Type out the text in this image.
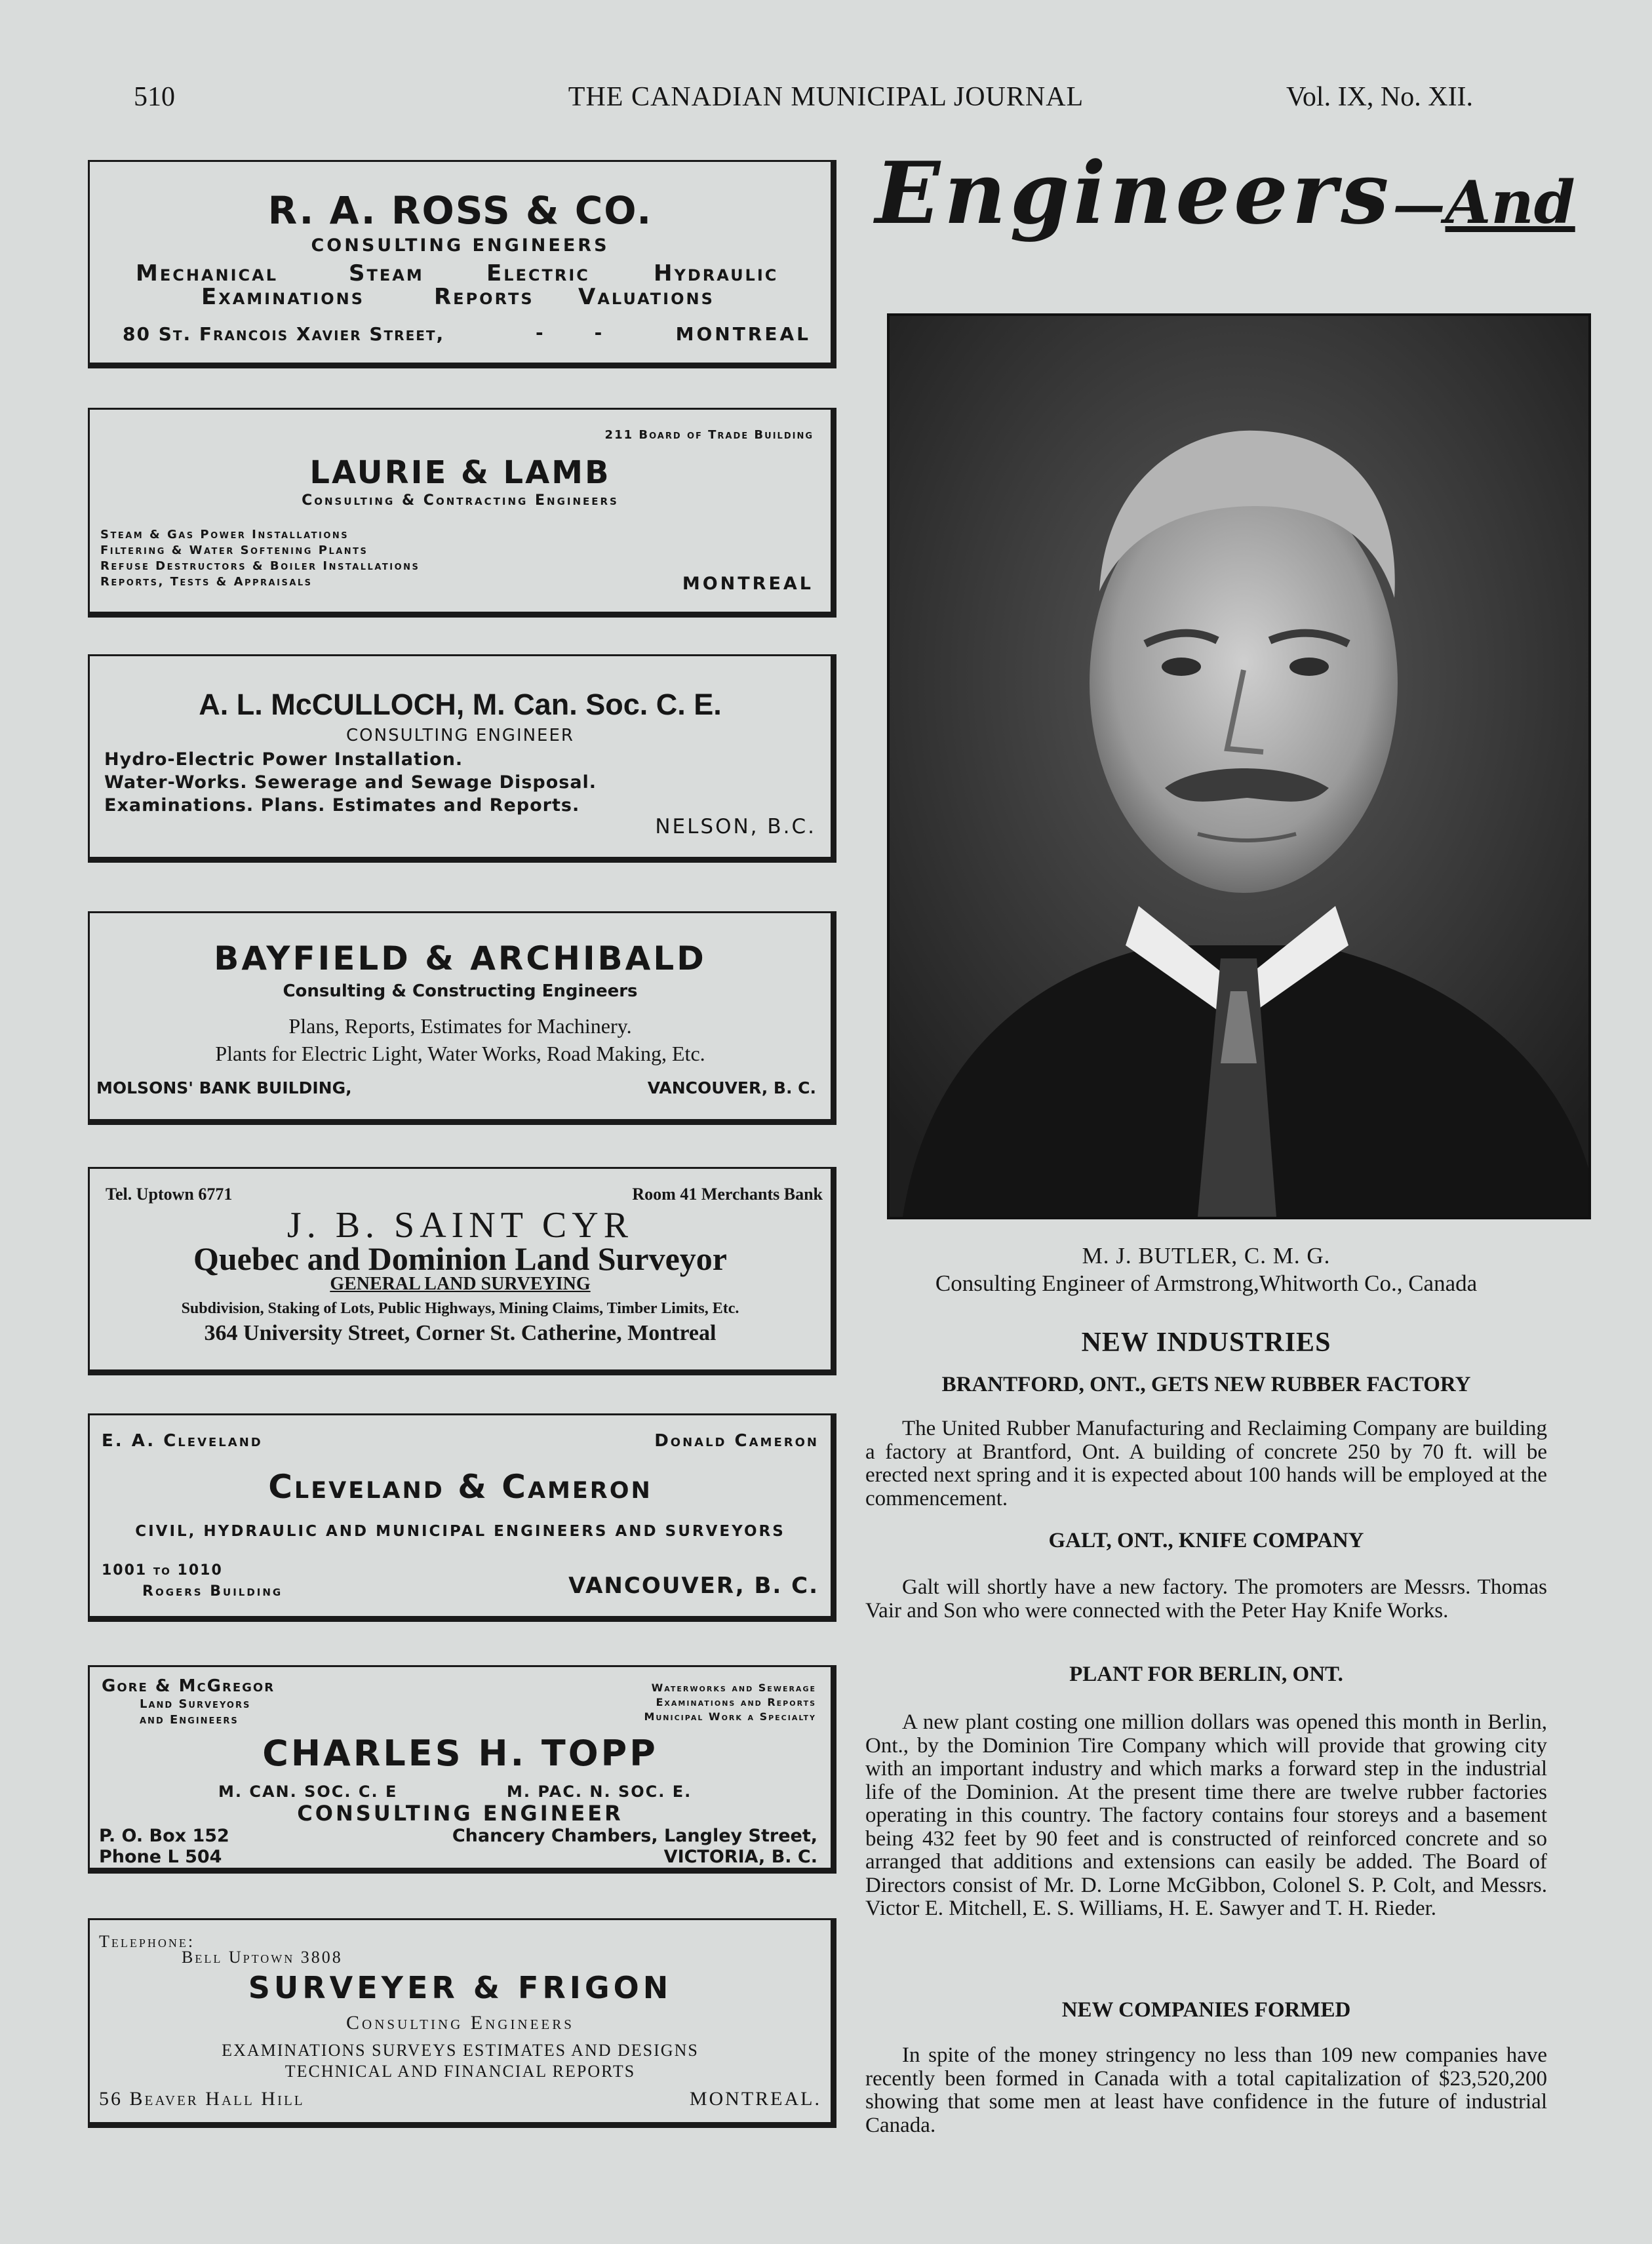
510	THE CANADIAN MUNICIPAL JOURNAL	Vol. IX, No. XII.
R. A. ROSS & CO.
CONSULTING ENGINEERS
Mechanical	Steam	Electric	Hydraulic
Examinations	Reports Valuations
80 St. Francois Xavier Street,	-        -	MONTREAL
211 Board of Trade Building
LAURIE & LAMB
Consulting & Contracting Engineers
Steam & Gas Power Installations
Filtering & Water Softening Plants
Refuse Destructors & Boiler Installations
Reports, Tests & Appraisals	MONTREAL
A. L. McCULLOCH, M. Can. Soc. C. E.
CONSULTING ENGINEER
Hydro-Electric Power Installation.
Water-Works. Sewerage and Sewage Disposal.
Examinations. Plans. Estimates and Reports.
NELSON, B.C.
BAYFIELD & ARCHIBALD
Consulting & Constructing Engineers
Plans, Reports, Estimates for Machinery.
Plants for Electric Light, Water Works, Road Making, Etc.
MOLSONS' BANK BUILDING,	VANCOUVER, B. C.
Tel. Uptown 6771	Room 41 Merchants Bank
J. B. SAINT CYR
Quebec and Dominion Land Surveyor
GENERAL LAND SURVEYING
Subdivision, Staking of Lots, Public Highways, Mining Claims, Timber Limits, Etc.
364 University Street, Corner St. Catherine, Montreal
E. A. Cleveland	Donald Cameron
Cleveland & Cameron
CIVIL, HYDRAULIC AND MUNICIPAL ENGINEERS AND SURVEYORS
1001 to 1010
Rogers Building	VANCOUVER, B. C.
Gore & McGregor
Land Surveyors
and Engineers
Waterworks and Sewerage
Examinations and Reports
Municipal Work a Specialty
CHARLES H. TOPP
M. CAN. SOC. C. E	M. PAC. N. SOC. E.
CONSULTING ENGINEER
P. O. Box 152
Phone L 504
Chancery Chambers, Langley Street,
VICTORIA, B. C.
Telephone:
Bell Uptown 3808
SURVEYER & FRIGON
Consulting Engineers
EXAMINATIONS SURVEYS ESTIMATES AND DESIGNS
TECHNICAL AND FINANCIAL REPORTS
56 Beaver Hall Hill	MONTREAL.
Engineers—And
M. J. BUTLER, C. M. G.
Consulting Engineer of Armstrong,Whitworth Co., Canada
NEW INDUSTRIES
BRANTFORD, ONT., GETS NEW RUBBER FACTORY
The United Rubber Manufacturing and Reclaiming Company are building a factory at Brantford, Ont. A building of concrete 250 by 70 ft. will be erected next spring and it is expected about 100 hands will be employed at the commencement.
GALT, ONT., KNIFE COMPANY
Galt will shortly have a new factory. The promoters are Messrs. Thomas Vair and Son who were connected with the Peter Hay Knife Works.
PLANT FOR BERLIN, ONT.
A new plant costing one million dollars was opened this month in Berlin, Ont., by the Dominion Tire Company which will provide that growing city with an important industry and which marks a forward step in the industrial life of the Dominion. At the present time there are twelve rubber factories operating in this country. The factory contains four storeys and a basement being 432 feet by 90 feet and is constructed of reinforced concrete and so arranged that additions and extensions can easily be added. The Board of Directors consist of Mr. D. Lorne McGibbon, Colonel S. P. Colt, and Messrs. Victor E. Mitchell, E. S. Williams, H. E. Sawyer and T. H. Rieder.
NEW COMPANIES FORMED
In spite of the money stringency no less than 109 new companies have recently been formed in Canada with a total capitalization of $23,520,200 showing that some men at least have confidence in the future of industrial Canada.
